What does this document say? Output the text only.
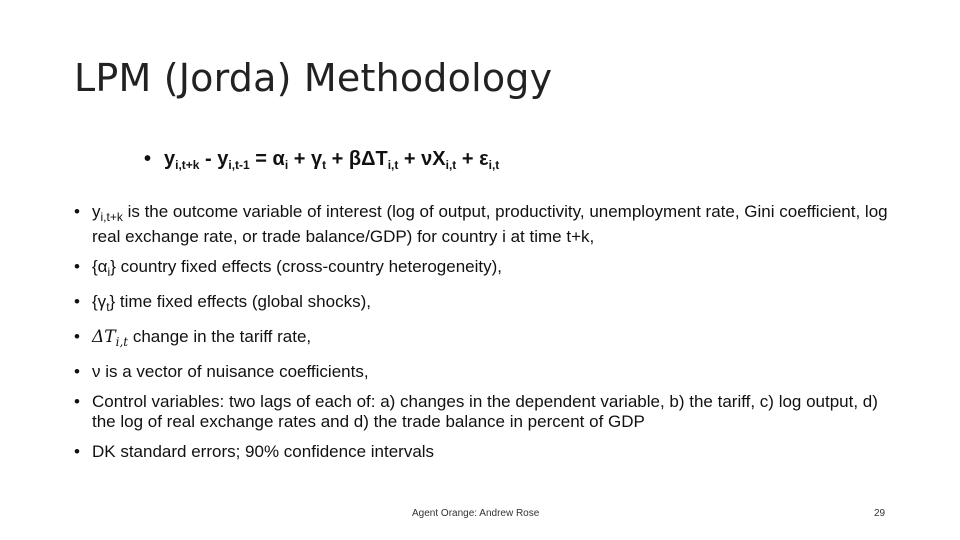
LPM (Jorda) Methodology
• $y_{i,t+k} - y_{i,t-1} = \alpha_i + \gamma_t + \beta\Delta T_{i,t} + \nu X_{i,t} + \varepsilon_{i,t}$
• $y_{i,t+k}$ is the outcome variable of interest (log of output, productivity, unemployment rate, Gini coefficient, log real exchange rate, or trade balance/GDP) for country i at time t+k,
• $\{\alpha_i\}$ country fixed effects (cross-country heterogeneity),
• $\{\gamma_t\}$ time fixed effects (global shocks),
• $\Delta T_{i,t}$ change in the tariff rate,
• ν is a vector of nuisance coefficients,
• Control variables: two lags of each of: a) changes in the dependent variable, b) the tariff, c) log output, d) the log of real exchange rates and d) the trade balance in percent of GDP
• DK standard errors; 90% confidence intervals
Agent Orange: Andrew Rose	29
